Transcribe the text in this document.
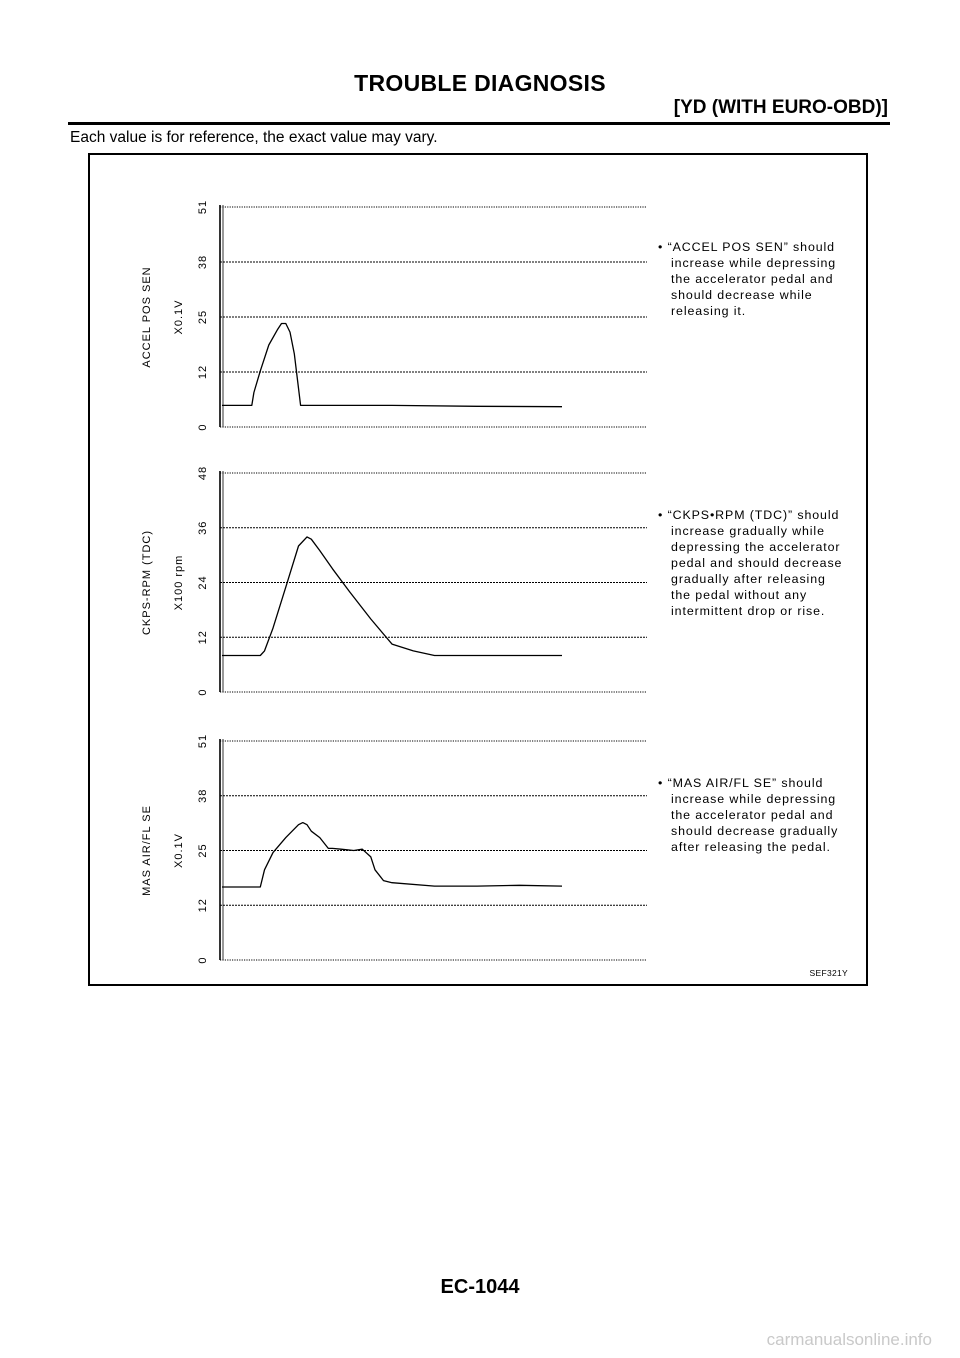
TROUBLE DIAGNOSIS
[YD (WITH EURO-OBD)]
Each value is for reference, the exact value may vary.
0
12
25
38
51
X0.1V
ACCEL POS SEN
0
12
24
36
48
X100 rpm
CKPS-RPM (TDC)
0
12
25
38
51
X0.1V
MAS AIR/FL SE
• “ACCEL POS SEN” should
increase while depressing
the accelerator pedal and
should decrease while
releasing it.
• “CKPS•RPM (TDC)” should
increase gradually while
depressing the accelerator
pedal and should decrease
gradually after releasing
the pedal without any
intermittent drop or rise.
• “MAS AIR/FL SE” should
increase while depressing
the accelerator pedal and
should decrease gradually
after releasing the pedal.
SEF321Y
EC-1044
carmanualsonline.info
